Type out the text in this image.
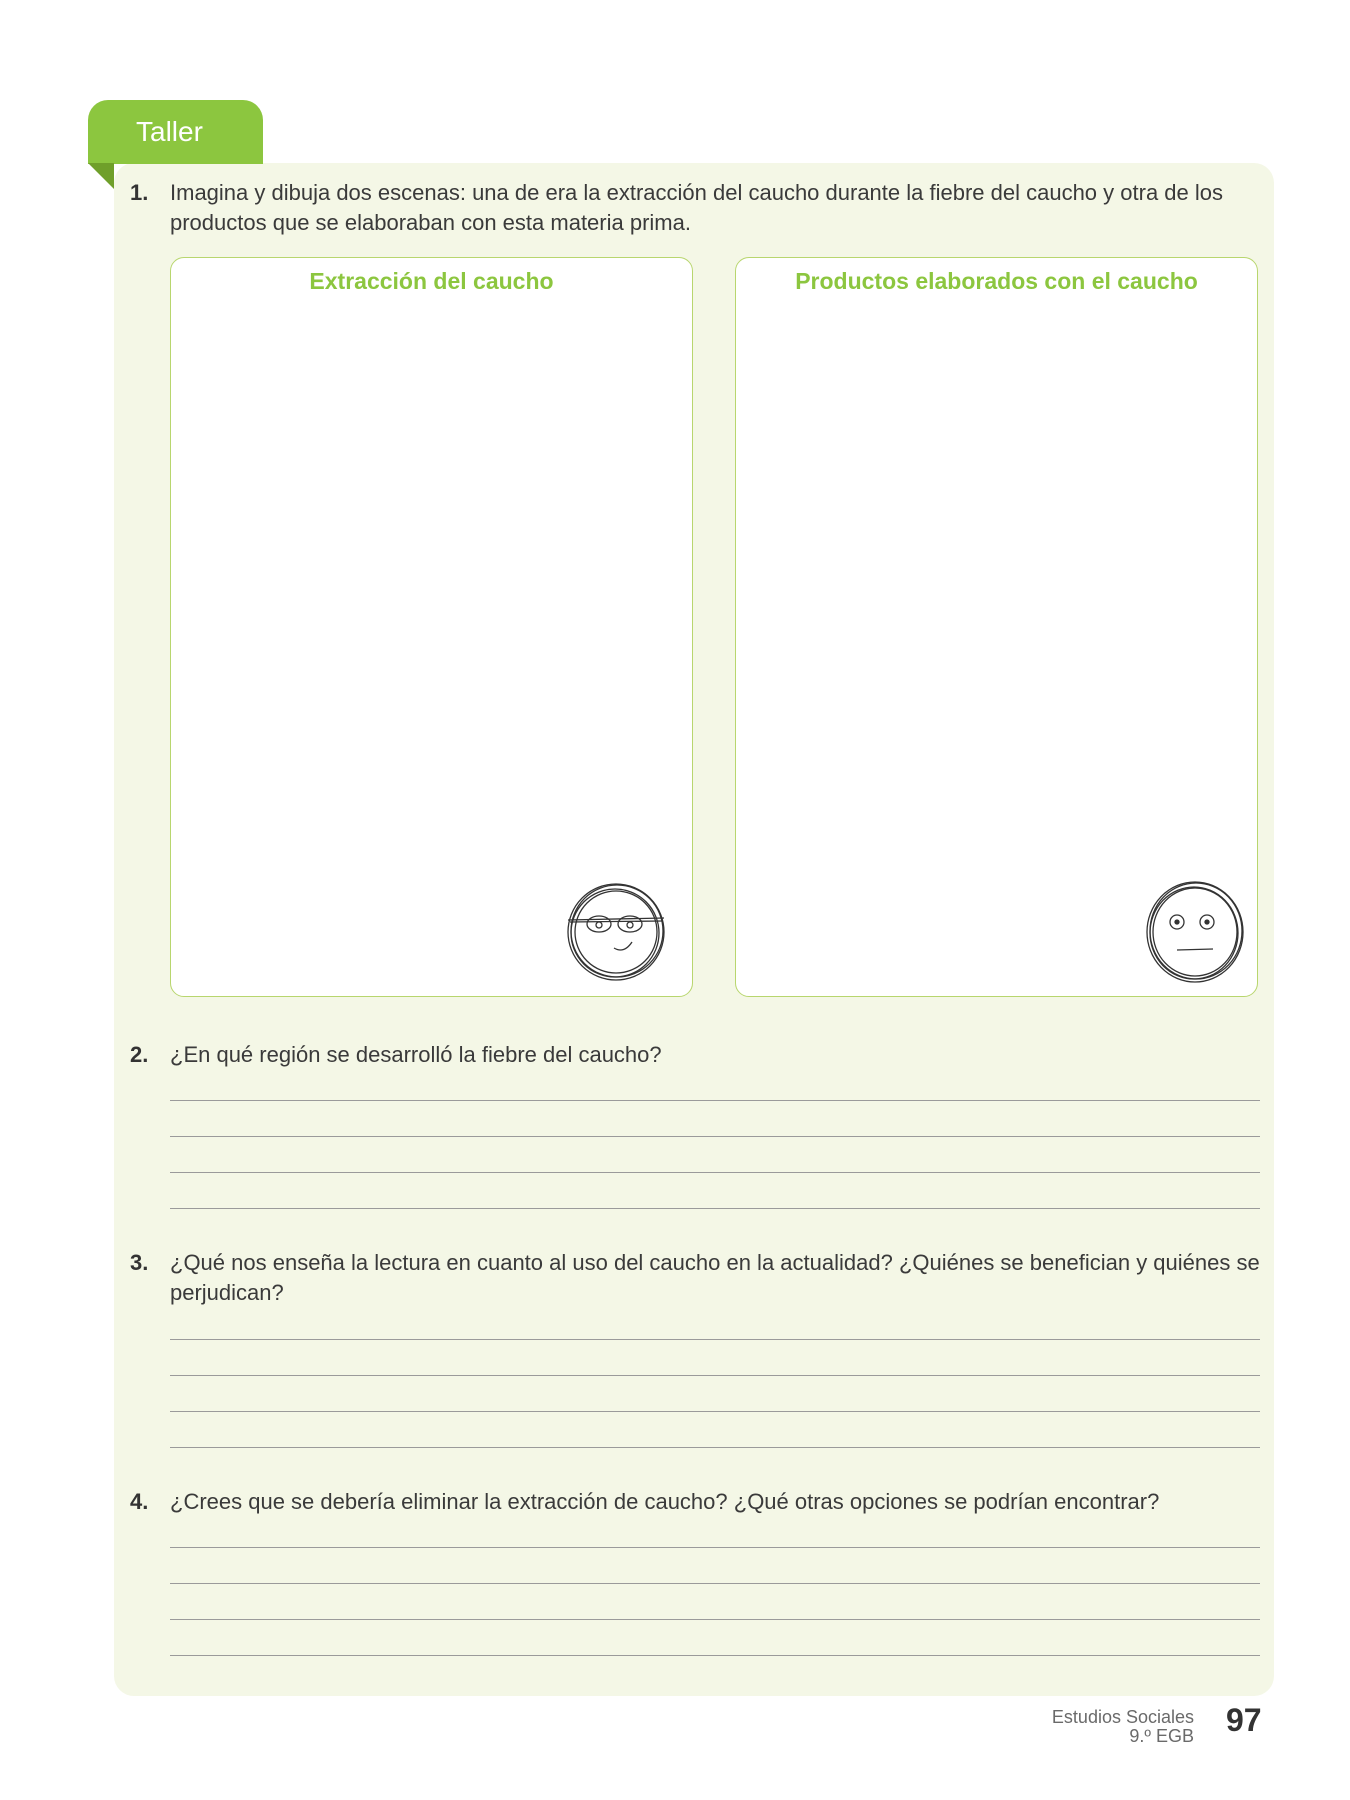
Taller
1. Imagina y dibuja dos escenas: una de era la extracción del caucho durante la fiebre del caucho y otra de los productos que se elaboraban con esta materia prima.
Extracción del caucho	Productos elaborados con el caucho
2. ¿En qué región se desarrolló la fiebre del caucho?
3. ¿Qué nos enseña la lectura en cuanto al uso del caucho en la actualidad? ¿Quiénes se benefician y quiénes se perjudican?
4. ¿Crees que se debería eliminar la extracción de caucho? ¿Qué otras opciones se podrían encontrar?
Estudios Sociales
9.º EGB 97
